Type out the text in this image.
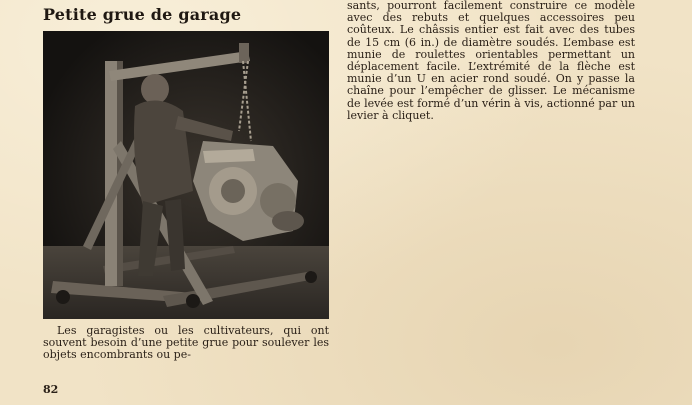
Petite grue de garage

Les garagistes ou les cultivateurs, qui ont souvent besoin d’une petite grue pour soulever les objets encombrants ou pe-

82

sants, pourront facilement construire ce modèle avec des rebuts et quelques accessoires peu coûteux. Le châssis entier est fait avec des tubes de 15 cm (6 in.) de diamètre soudés. L’embase est munie de roulettes orientables permettant un déplacement facile. L’extrémité de la flèche est munie d’un U en acier rond soudé. On y passe la chaîne pour l’empêcher de glisser. Le mécanisme de levée est formé d’un vérin à vis, actionné par un levier à cliquet.
